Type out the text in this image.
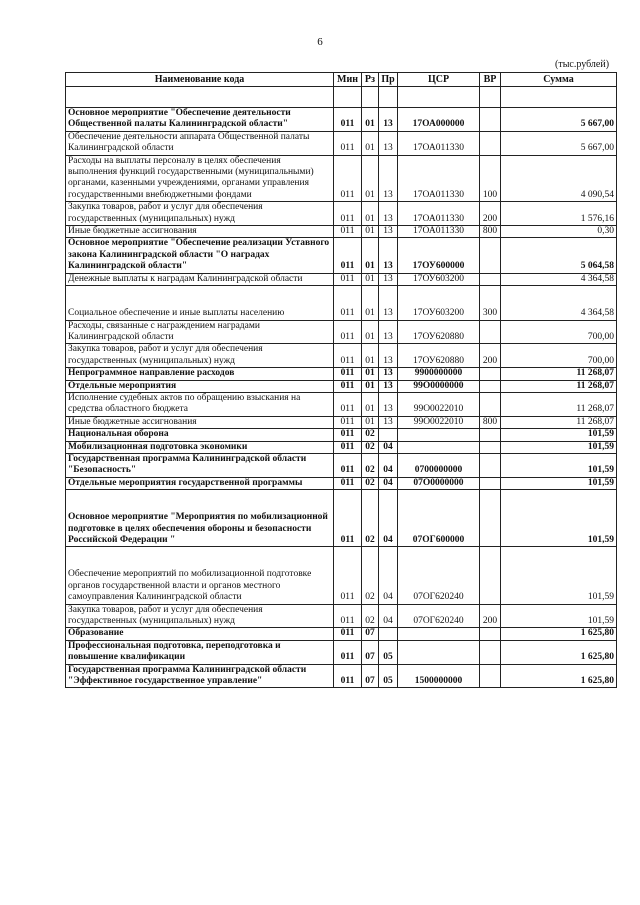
6
(тыс.рублей)
Наименование кода	Мин	Рз	Пр	ЦСР	ВР	Сумма

Основное мероприятие "Обеспечение деятельности Общественной палаты Калининградской области"	011	01	13	17ОА000000		5 667,00
Обеспечение деятельности аппарата Общественной палаты Калининградской области	011	01	13	17ОА011330		5 667,00
Расходы на выплаты персоналу в целях обеспечения выполнения функций государственными (муниципальными) органами, казенными учреждениями, органами управления государственными внебюджетными фондами	011	01	13	17ОА011330	100	4 090,54
Закупка товаров, работ и услуг для обеспечения государственных (муниципальных) нужд	011	01	13	17ОА011330	200	1 576,16
Иные бюджетные ассигнования	011	01	13	17ОА011330	800	0,30
Основное мероприятие "Обеспечение реализации Уставного закона Калининградской области "О наградах Калининградской области"	011	01	13	17ОУ600000		5 064,58
Денежные выплаты к наградам Калининградской области	011	01	13	17ОУ603200		4 364,58
Социальное обеспечение и иные выплаты населению	011	01	13	17ОУ603200	300	4 364,58
Расходы, связанные с награждением наградами Калининградской области	011	01	13	17ОУ620880		700,00
Закупка товаров, работ и услуг для обеспечения государственных (муниципальных) нужд	011	01	13	17ОУ620880	200	700,00
Непрограммное направление расходов	011	01	13	9900000000		11 268,07
Отдельные мероприятия	011	01	13	99О0000000		11 268,07
Исполнение судебных актов по обращению взыскания на средства областного бюджета	011	01	13	99О0022010		11 268,07
Иные бюджетные ассигнования	011	01	13	99О0022010	800	11 268,07
Национальная оборона	011	02				101,59
Мобилизационная подготовка экономики	011	02	04			101,59
Государственная программа Калининградской области "Безопасность"	011	02	04	0700000000		101,59
Отдельные мероприятия государственной программы	011	02	04	07О0000000		101,59
Основное мероприятие "Мероприятия по мобилизационной подготовке в целях обеспечения обороны и безопасности Российской Федерации "	011	02	04	07ОГ600000		101,59
Обеспечение мероприятий по мобилизационной подготовке органов государственной власти и органов местного самоуправления Калининградской области	011	02	04	07ОГ620240		101,59
Закупка товаров, работ и услуг для обеспечения государственных (муниципальных) нужд	011	02	04	07ОГ620240	200	101,59
Образование	011	07				1 625,80
Профессиональная подготовка, переподготовка и повышение квалификации	011	07	05			1 625,80
Государственная программа Калининградской области "Эффективное государственное управление"	011	07	05	1500000000		1 625,80
